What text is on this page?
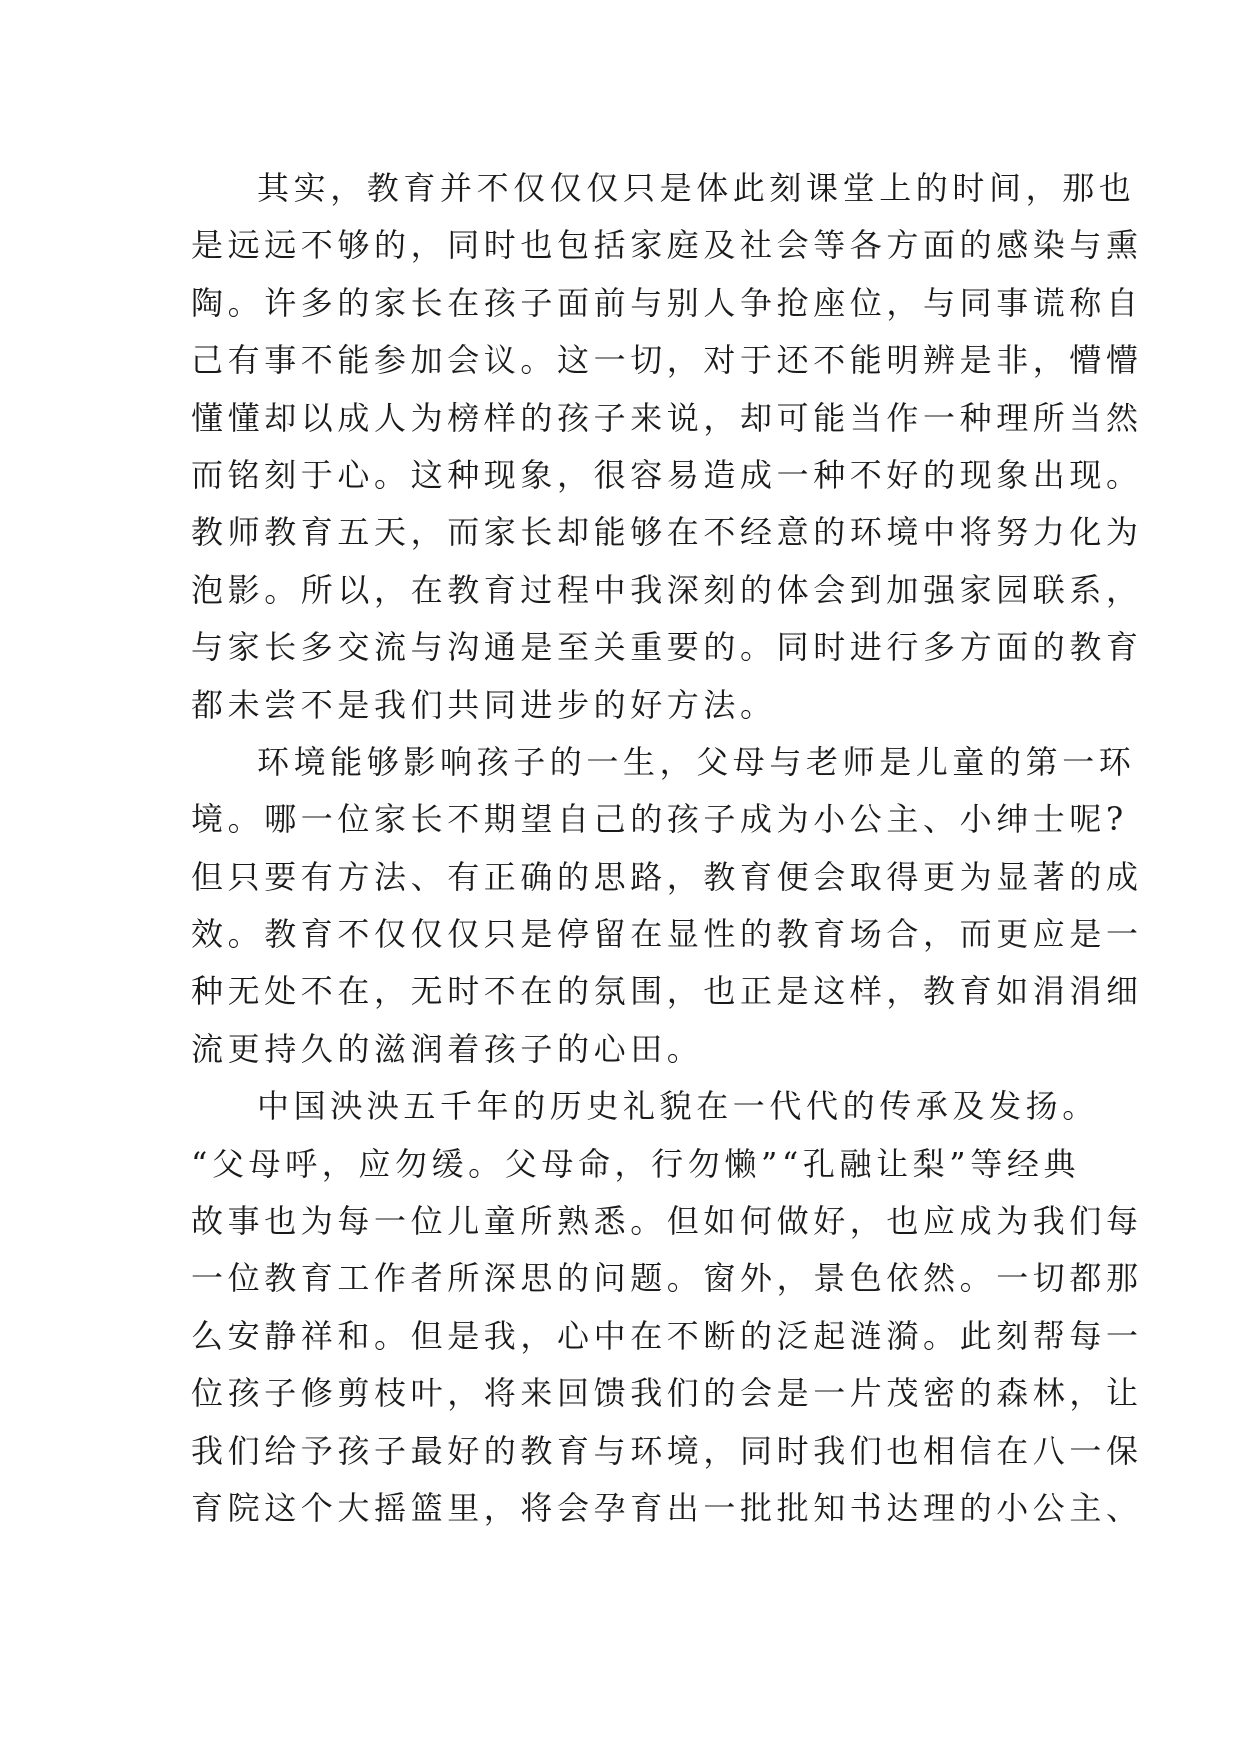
其实，教育并不仅仅仅只是体此刻课堂上的时间，那也
是远远不够的，同时也包括家庭及社会等各方面的感染与熏
陶。许多的家长在孩子面前与别人争抢座位，与同事谎称自
己有事不能参加会议。这一切，对于还不能明辨是非，懵懵
懂懂却以成人为榜样的孩子来说，却可能当作一种理所当然
而铭刻于心。这种现象，很容易造成一种不好的现象出现。
教师教育五天，而家长却能够在不经意的环境中将努力化为
泡影。所以，在教育过程中我深刻的体会到加强家园联系，
与家长多交流与沟通是至关重要的。同时进行多方面的教育
都未尝不是我们共同进步的好方法。
环境能够影响孩子的一生，父母与老师是儿童的第一环
境。哪一位家长不期望自己的孩子成为小公主、小绅士呢?
但只要有方法、有正确的思路，教育便会取得更为显著的成
效。教育不仅仅仅只是停留在显性的教育场合，而更应是一
种无处不在，无时不在的氛围，也正是这样，教育如涓涓细
流更持久的滋润着孩子的心田。
中国泱泱五千年的历史礼貌在一代代的传承及发扬。
“父母呼，应勿缓。父母命，行勿懒”“孔融让梨”等经典
故事也为每一位儿童所熟悉。但如何做好，也应成为我们每
一位教育工作者所深思的问题。窗外，景色依然。一切都那
么安静祥和。但是我，心中在不断的泛起涟漪。此刻帮每一
位孩子修剪枝叶，将来回馈我们的会是一片茂密的森林，让
我们给予孩子最好的教育与环境，同时我们也相信在八一保
育院这个大摇篮里，将会孕育出一批批知书达理的小公主、
